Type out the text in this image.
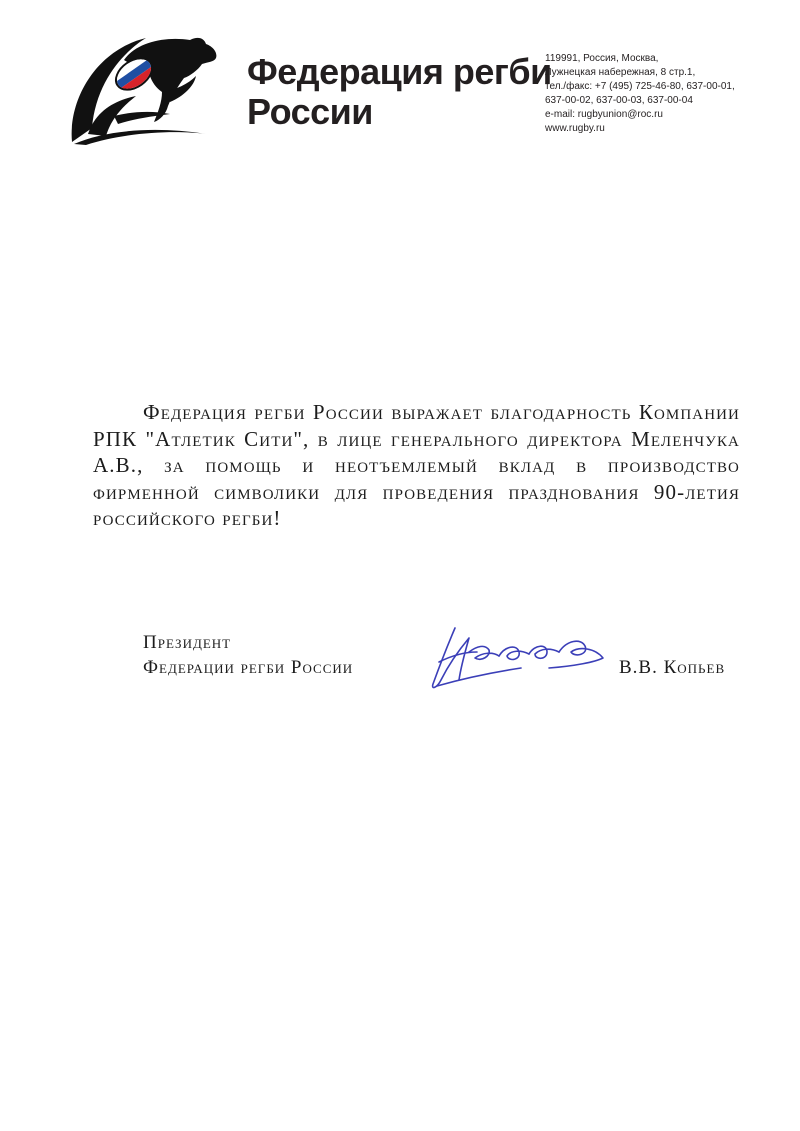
Федерация регби
России
119991, Россия, Москва,
Лужнецкая набережная, 8 стр.1,
тел./факс: +7 (495) 725-46-80, 637-00-01,
637-00-02, 637-00-03, 637-00-04
e-mail: rugbyunion@roc.ru
www.rugby.ru

Федерация регби России выражает благодарность Компании РПК "Атлетик Сити", в лице генерального директора Меленчука А.В., за помощь и неотъемлемый вклад в производство фирменной символики для проведения празднования 90-летия российского регби!

Президент
Федерации регби России	В.В. Копьев
